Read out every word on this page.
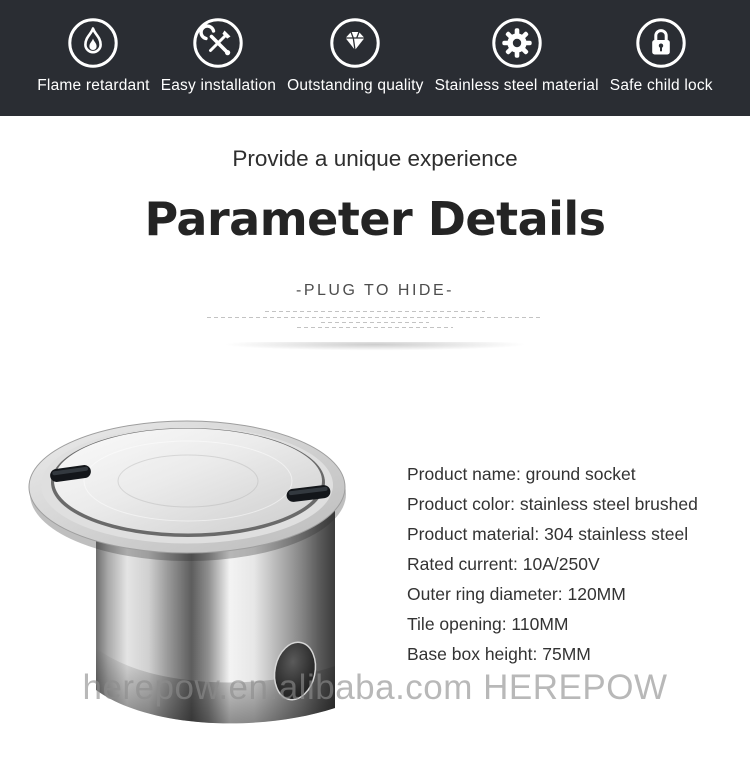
Flame retardant Easy installation Outstanding quality Stainless steel material Safe child lock
Provide a unique experience
Parameter Details
-PLUG TO HIDE-
Product name: ground socket
Product color: stainless steel brushed
Product material: 304 stainless steel
Rated current: 10A/250V
Outer ring diameter: 120MM
Tile opening: 110MM
Base box height: 75MM
herepow.en.alibaba.com HEREPOW
